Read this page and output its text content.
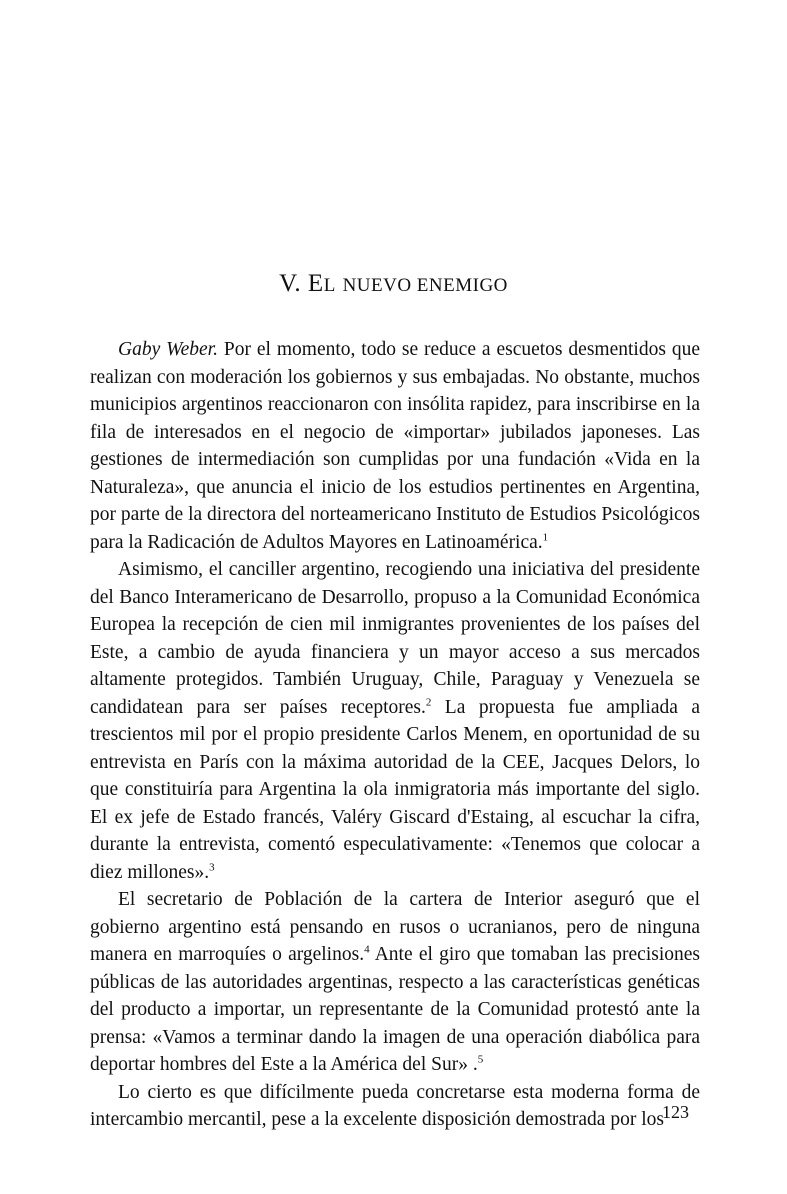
V. EL NUEVO ENEMIGO

Gaby Weber. Por el momento, todo se reduce a escuetos desmentidos que realizan con moderación los gobiernos y sus embajadas. No obstante, muchos municipios argentinos reaccionaron con insólita rapidez, para inscribirse en la fila de interesados en el negocio de «importar» jubilados japoneses. Las gestiones de intermediación son cumplidas por una fundación «Vida en la Naturaleza», que anuncia el inicio de los estudios pertinentes en Argentina, por parte de la directora del norteamericano Instituto de Estudios Psicológicos para la Radicación de Adultos Mayores en Latinoamérica.$^1$

Asimismo, el canciller argentino, recogiendo una iniciativa del presidente del Banco Interamericano de Desarrollo, propuso a la Comunidad Económica Europea la recepción de cien mil inmigrantes provenientes de los países del Este, a cambio de ayuda financiera y un mayor acceso a sus mercados altamente protegidos. También Uruguay, Chile, Paraguay y Venezuela se candidatean para ser países receptores.$^2$ La propuesta fue ampliada a trescientos mil por el propio presidente Carlos Menem, en oportunidad de su entrevista en París con la máxima autoridad de la CEE, Jacques Delors, lo que constituiría para Argentina la ola inmigratoria más importante del siglo. El ex jefe de Estado francés, Valéry Giscard d'Estaing, al escuchar la cifra, durante la entrevista, comentó especulativamente: «Tenemos que colocar a diez millones».$^3$

El secretario de Población de la cartera de Interior aseguró que el gobierno argentino está pensando en rusos o ucranianos, pero de ninguna manera en marroquíes o argelinos.$^4$ Ante el giro que tomaban las precisiones públicas de las autoridades argentinas, respecto a las características genéticas del producto a importar, un representante de la Comunidad protestó ante la prensa: «Vamos a terminar dando la imagen de una operación diabólica para deportar hombres del Este a la América del Sur» .$^5$

Lo cierto es que difícilmente pueda concretarse esta moderna forma de intercambio mercantil, pese a la excelente disposición demostrada por los

123
